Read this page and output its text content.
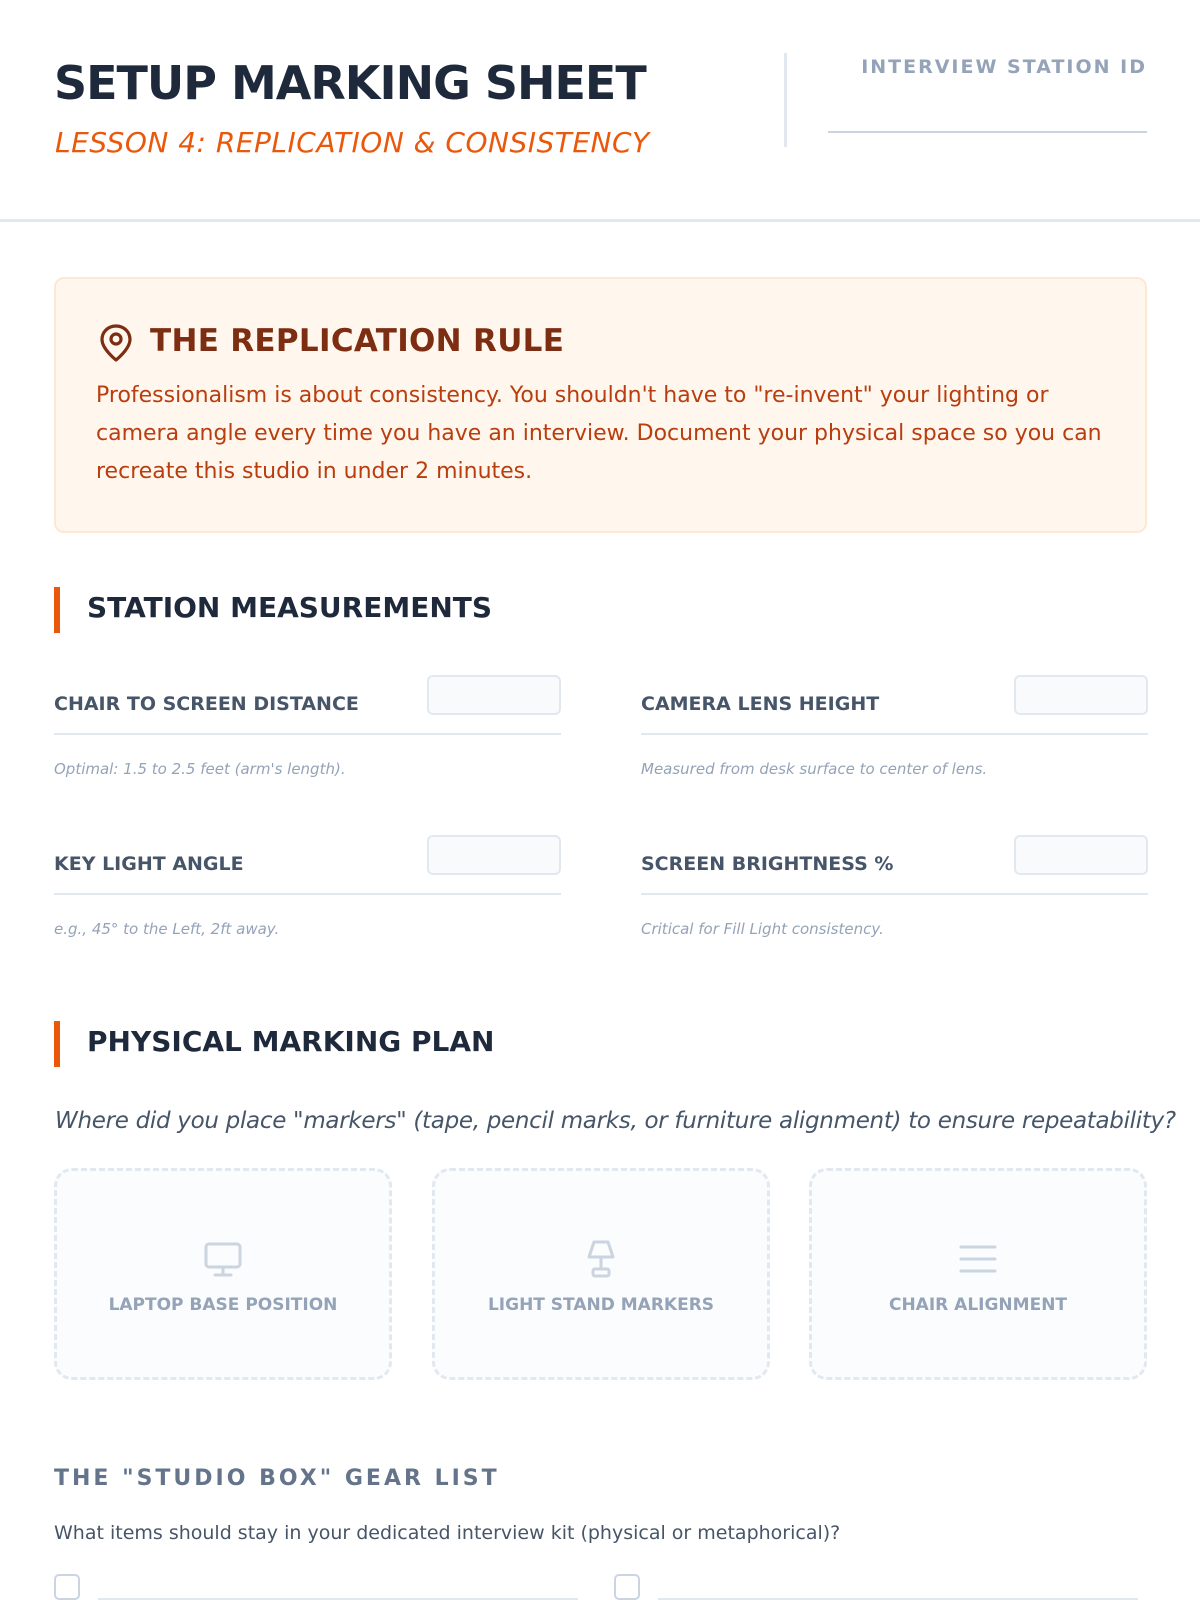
SETUP MARKING SHEET
LESSON 4: REPLICATION & CONSISTENCY
INTERVIEW STATION ID
THE REPLICATION RULE
Professionalism is about consistency. You shouldn't have to "re-invent" your lighting or camera angle every time you have an interview. Document your physical space so you can recreate this studio in under 2 minutes.
STATION MEASUREMENTS
CHAIR TO SCREEN DISTANCE
Optimal: 1.5 to 2.5 feet (arm's length).
CAMERA LENS HEIGHT
Measured from desk surface to center of lens.
KEY LIGHT ANGLE
e.g., 45° to the Left, 2ft away.
SCREEN BRIGHTNESS %
Critical for Fill Light consistency.
PHYSICAL MARKING PLAN
Where did you place "markers" (tape, pencil marks, or furniture alignment) to ensure repeatability?
LAPTOP BASE POSITION	LIGHT STAND MARKERS	CHAIR ALIGNMENT
THE "STUDIO BOX" GEAR LIST
What items should stay in your dedicated interview kit (physical or metaphorical)?
